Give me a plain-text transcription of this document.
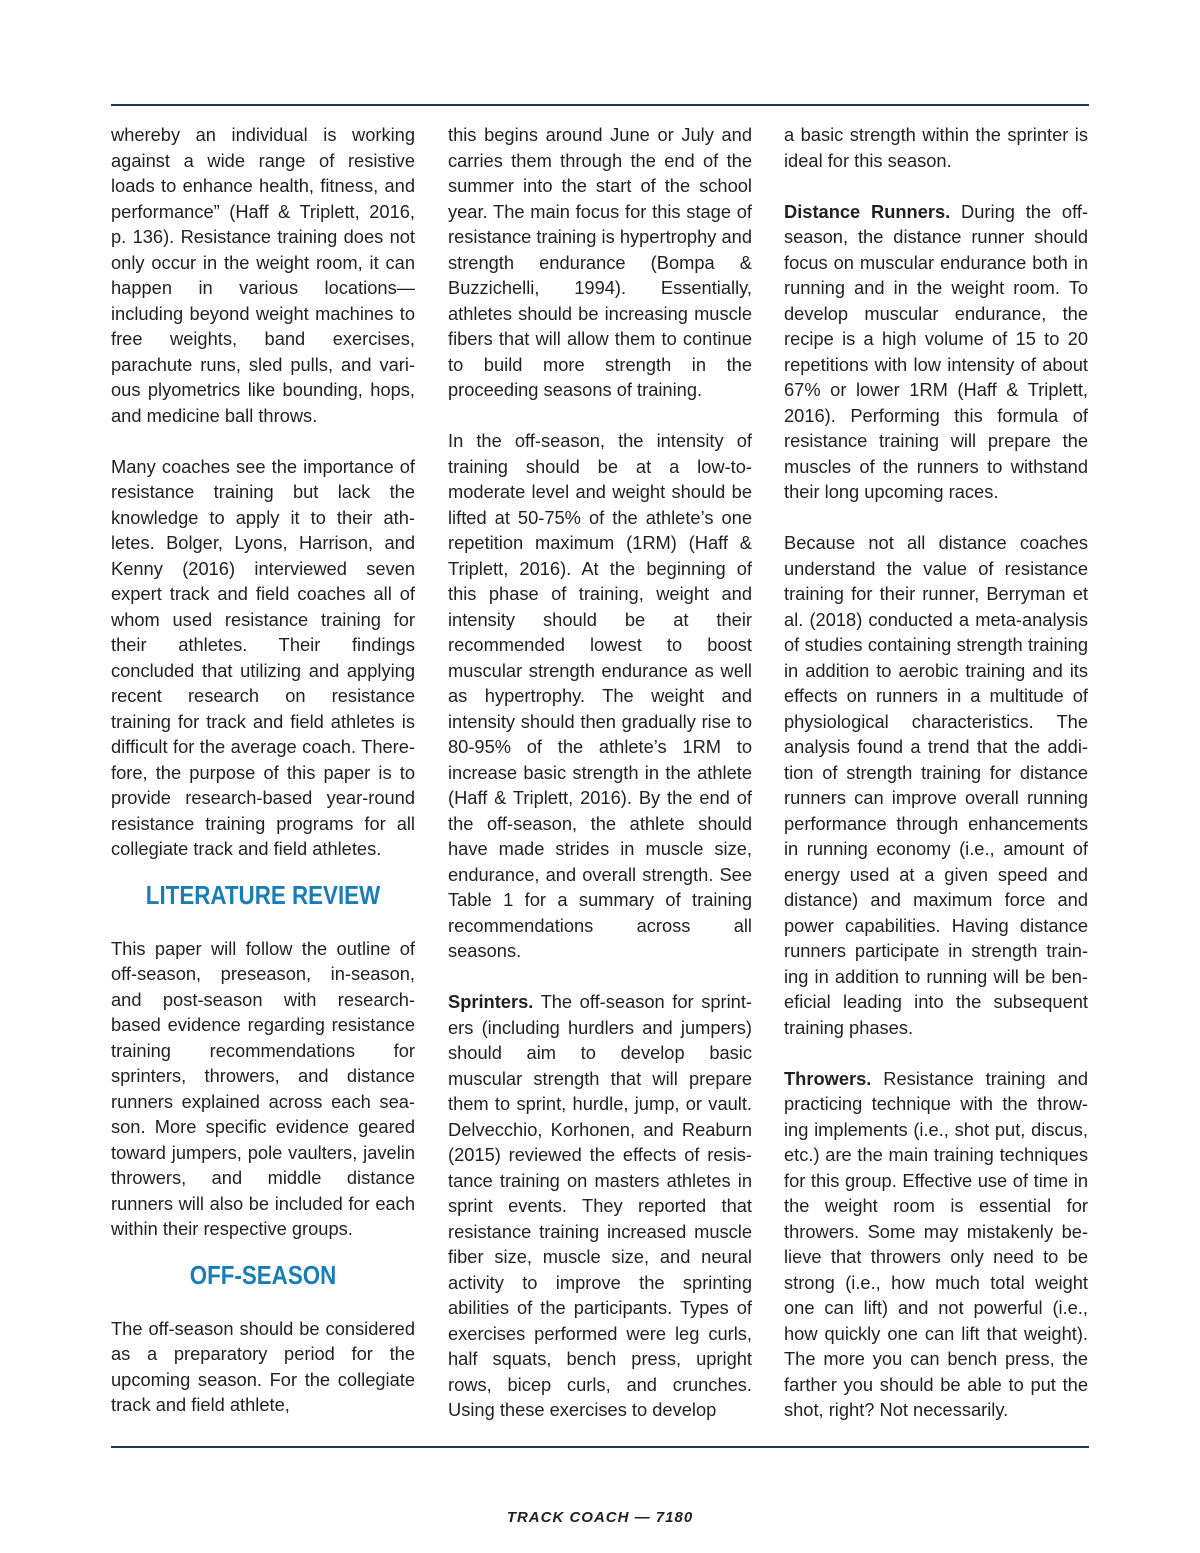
whereby an individual is working against a wide range of resistive loads to enhance health, fitness, and performance” (Haff & Triplett, 2016, p. 136). Resistance training does not only occur in the weight room, it can happen in various locations—including beyond weight machines to free weights, band exercises, parachute runs, sled pulls, and various plyometrics like bounding, hops, and medicine ball throws.

Many coaches see the importance of resistance training but lack the knowledge to apply it to their athletes. Bolger, Lyons, Harrison, and Kenny (2016) interviewed seven expert track and field coaches all of whom used resistance training for their athletes. Their findings concluded that utilizing and applying recent research on resistance training for track and field athletes is difficult for the average coach. Therefore, the purpose of this paper is to provide research-based year-round resistance training programs for all collegiate track and field athletes.

LITERATURE REVIEW

This paper will follow the outline of off-season, preseason, in-season, and post-season with research-based evidence regarding resistance training recommendations for sprinters, throwers, and distance runners explained across each season. More specific evidence geared toward jumpers, pole vaulters, javelin throwers, and middle distance runners will also be included for each within their respective groups.

OFF-SEASON

The off-season should be considered as a preparatory period for the upcoming season. For the collegiate track and field athlete,

this begins around June or July and carries them through the end of the summer into the start of the school year. The main focus for this stage of resistance training is hypertrophy and strength endurance (Bompa & Buzzichelli, 1994). Essentially, athletes should be increasing muscle fibers that will allow them to continue to build more strength in the proceeding seasons of training.

In the off-season, the intensity of training should be at a low-to-moderate level and weight should be lifted at 50-75% of the athlete’s one repetition maximum (1RM) (Haff & Triplett, 2016). At the beginning of this phase of training, weight and intensity should be at their recommended lowest to boost muscular strength endurance as well as hypertrophy. The weight and intensity should then gradually rise to 80-95% of the athlete’s 1RM to increase basic strength in the athlete (Haff & Triplett, 2016). By the end of the off-season, the athlete should have made strides in muscle size, endurance, and overall strength. See Table 1 for a summary of training recommendations across all seasons.

Sprinters. The off-season for sprinters (including hurdlers and jumpers) should aim to develop basic muscular strength that will prepare them to sprint, hurdle, jump, or vault. Delvecchio, Korhonen, and Reaburn (2015) reviewed the effects of resistance training on masters athletes in sprint events. They reported that resistance training increased muscle fiber size, muscle size, and neural activity to improve the sprinting abilities of the participants. Types of exercises performed were leg curls, half squats, bench press, upright rows, bicep curls, and crunches. Using these exercises to develop

a basic strength within the sprinter is ideal for this season.

Distance Runners. During the off-season, the distance runner should focus on muscular endurance both in running and in the weight room. To develop muscular endurance, the recipe is a high volume of 15 to 20 repetitions with low intensity of about 67% or lower 1RM (Haff & Triplett, 2016). Performing this formula of resistance training will prepare the muscles of the runners to withstand their long upcoming races.

Because not all distance coaches understand the value of resistance training for their runner, Berryman et al. (2018) conducted a meta-analysis of studies containing strength training in addition to aerobic training and its effects on runners in a multitude of physiological characteristics. The analysis found a trend that the addition of strength training for distance runners can improve overall running performance through enhancements in running economy (i.e., amount of energy used at a given speed and distance) and maximum force and power capabilities. Having distance runners participate in strength training in addition to running will be beneficial leading into the subsequent training phases.

Throwers. Resistance training and practicing technique with the throwing implements (i.e., shot put, discus, etc.) are the main training techniques for this group. Effective use of time in the weight room is essential for throwers. Some may mistakenly believe that throwers only need to be strong (i.e., how much total weight one can lift) and not powerful (i.e., how quickly one can lift that weight). The more you can bench press, the farther you should be able to put the shot, right? Not necessarily.

TRACK COACH — 7180
